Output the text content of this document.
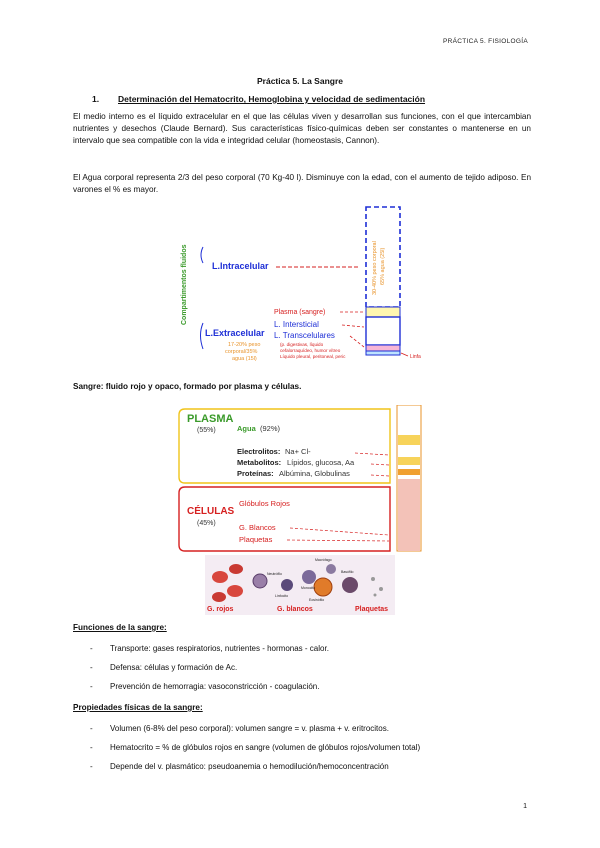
PRÁCTICA 5. FISIOLOGÍA
Práctica 5. La Sangre
1. Determinación del Hematocrito, Hemoglobina y velocidad de sedimentación
El medio interno es el líquido extracelular en el que las células viven y desarrollan sus funciones, con el que intercambian nutrientes y desechos (Claude Bernard). Sus características físico-químicas deben ser constantes o mantenerse en un intervalo que sea compatible con la vida e integridad celular (homeostasis, Cannon).
El Agua corporal representa 2/3 del peso corporal (70 Kg-40 l). Disminuye con la edad, con el aumento de tejido adiposo. En varones el % es mayor.
30-40% peso corporal 65% agua (25l)
Compartimentos fluidos	L.Intracelular
L.Extracelular
17-20% peso
corporal/35%
agua (15l)
Plasma (sangre)
L. Intersticial
L. Transcelulares
(p. digestivas, líquido
cefalorraquídeo, humor vítreo
Líquido pleural, peritoneal, peric	Linfa
Sangre: fluido rojo y opaco, formado por plasma y células.
PLASMA
(55%)	Agua (92%)
Electrolitos: Na+ Cl-
Metabolitos: Lípidos, glucosa, Aa
Proteínas: Albúmina, Globulinas
CÉLULAS
(45%)
Glóbulos Rojos
G. Blancos
Plaquetas
Neutrófilo
Linfocito
Monocito
Macrófago
Eosinófilo
Basófilo
G. rojos	G. blancos	Plaquetas
Funciones de la sangre:
- Transporte: gases respiratorios, nutrientes - hormonas - calor.
- Defensa: células y formación de Ac.
- Prevención de hemorragia: vasoconstricción - coagulación.
Propiedades físicas de la sangre:
- Volumen (6-8% del peso corporal): volumen sangre = v. plasma + v. eritrocitos.
- Hematocrito = % de glóbulos rojos en sangre (volumen de glóbulos rojos/volumen total)
- Depende del v. plasmático: pseudoanemia o hemodilución/hemoconcentración
1
